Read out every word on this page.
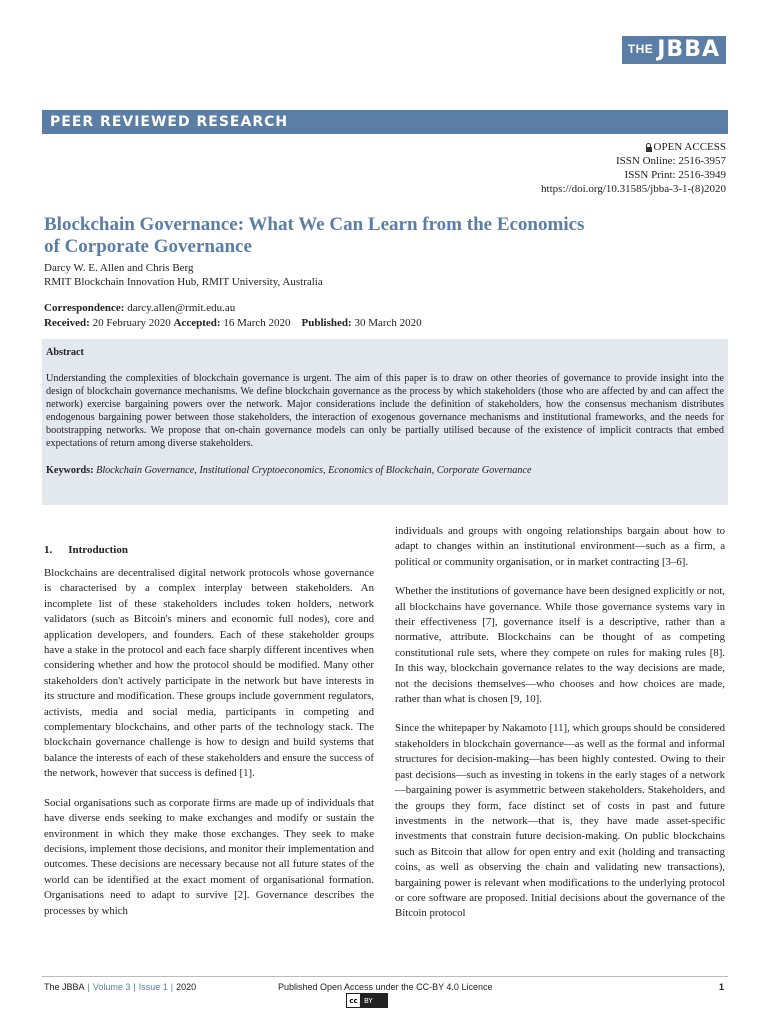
THE JBBA
PEER REVIEWED RESEARCH
OPEN ACCESS
ISSN Online: 2516-3957
ISSN Print: 2516-3949
https://doi.org/10.31585/jbba-3-1-(8)2020
Blockchain Governance: What We Can Learn from the Economics of Corporate Governance
Darcy W. E. Allen and Chris Berg
RMIT Blockchain Innovation Hub, RMIT University, Australia
Correspondence: darcy.allen@rmit.edu.au
Received: 20 February 2020 Accepted: 16 March 2020 Published: 30 March 2020
Abstract
Understanding the complexities of blockchain governance is urgent. The aim of this paper is to draw on other theories of governance to provide insight into the design of blockchain governance mechanisms. We define blockchain governance as the process by which stakeholders (those who are affected by and can affect the network) exercise bargaining powers over the network. Major considerations include the definition of stakeholders, how the consensus mechanism distributes endogenous bargaining power between those stakeholders, the interaction of exogenous governance mechanisms and institutional frameworks, and the needs for bootstrapping networks. We propose that on-chain governance models can only be partially utilised because of the existence of implicit contracts that embed expectations of return among diverse stakeholders.
Keywords: Blockchain Governance, Institutional Cryptoeconomics, Economics of Blockchain, Corporate Governance
1. Introduction

Blockchains are decentralised digital network protocols whose governance is characterised by a complex interplay between stakeholders. An incomplete list of these stakeholders includes token holders, network validators (such as Bitcoin's miners and economic full nodes), core and application developers, and founders. Each of these stakeholder groups have a stake in the protocol and each face sharply different incentives when considering whether and how the protocol should be modified. Many other stakeholders don't actively participate in the network but have interests in its structure and modification. These groups include government regulators, activists, media and social media, participants in competing and complementary blockchains, and other parts of the technology stack. The blockchain governance challenge is how to design and build systems that balance the interests of each of these stakeholders and ensure the success of the network, however that success is defined [1].

Social organisations such as corporate firms are made up of individuals that have diverse ends seeking to make exchanges and modify or sustain the environment in which they make those exchanges. They seek to make decisions, implement those decisions, and monitor their implementation and outcomes. These decisions are necessary because not all future states of the world can be identified at the exact moment of organisational formation. Organisations need to adapt to survive [2]. Governance describes the processes by which

individuals and groups with ongoing relationships bargain about how to adapt to changes within an institutional environment—such as a firm, a political or community organisation, or in market contracting [3–6].

Whether the institutions of governance have been designed explicitly or not, all blockchains have governance. While those governance systems vary in their effectiveness [7], governance itself is a descriptive, rather than a normative, attribute. Blockchains can be thought of as competing constitutional rule sets, where they compete on rules for making rules [8]. In this way, blockchain governance relates to the way decisions are made, not the decisions themselves—who chooses and how choices are made, rather than what is chosen [9, 10].

Since the whitepaper by Nakamoto [11], which groups should be considered stakeholders in blockchain governance—as well as the formal and informal structures for decision-making—has been highly contested. Owing to their past decisions—such as investing in tokens in the early stages of a network—bargaining power is asymmetric between stakeholders. Stakeholders, and the groups they form, face distinct set of costs in past and future investments in the network—that is, they have made asset-specific investments that constrain future decision-making. On public blockchains such as Bitcoin that allow for open entry and exit (holding and transacting coins, as well as observing the chain and validating new transactions), bargaining power is relevant when modifications to the underlying protocol or core software are proposed. Initial decisions about the governance of the Bitcoin protocol

The JBBA | Volume 3 | Issue 1 | 2020	Published Open Access under the CC-BY 4.0 Licence	1
cc BY
